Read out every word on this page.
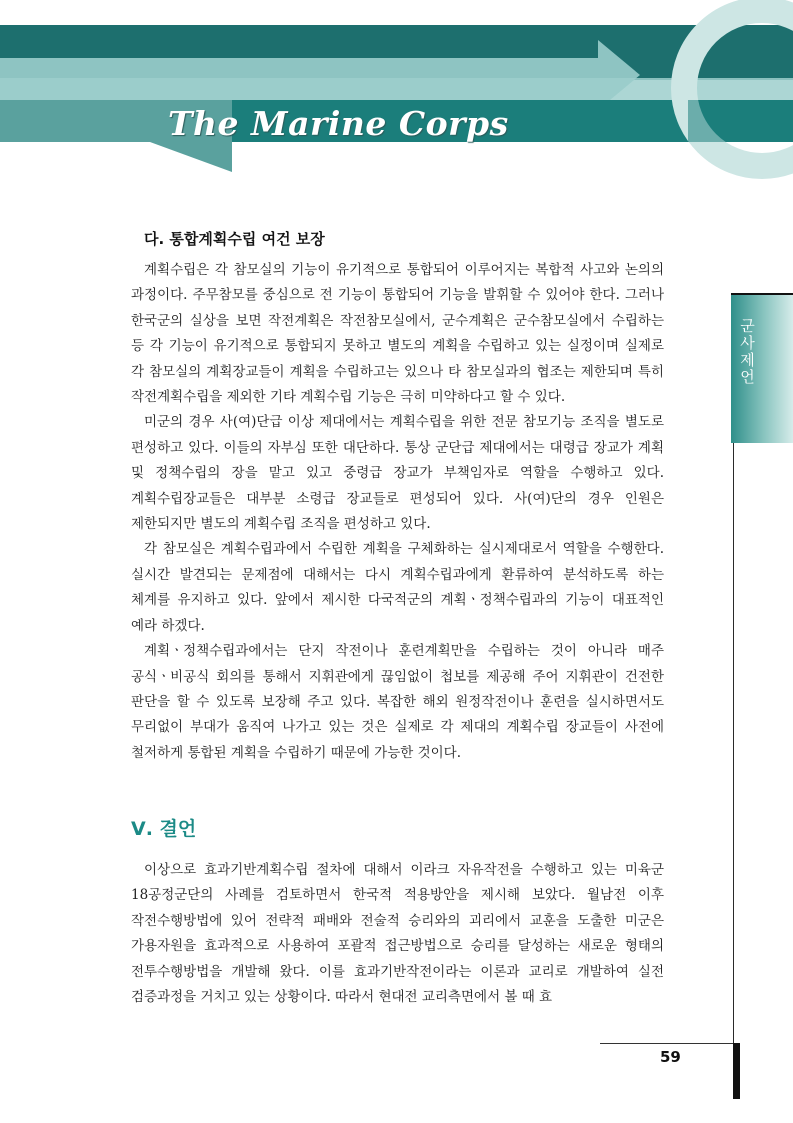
The Marine Corps

군사제언

다. 통합계획수립 여건 보장

계획수립은 각 참모실의 기능이 유기적으로 통합되어 이루어지는 복합적 사고와 논의의 과정이다. 주무참모를 중심으로 전 기능이 통합되어 기능을 발휘할 수 있어야 한다. 그러나 한국군의 실상을 보면 작전계획은 작전참모실에서, 군수계획은 군수참모실에서 수립하는 등 각 기능이 유기적으로 통합되지 못하고 별도의 계획을 수립하고 있는 실정이며 실제로 각 참모실의 계획장교들이 계획을 수립하고는 있으나 타 참모실과의 협조는 제한되며 특히 작전계획수립을 제외한 기타 계획수립 기능은 극히 미약하다고 할 수 있다.

미군의 경우 사(여)단급 이상 제대에서는 계획수립을 위한 전문 참모기능 조직을 별도로 편성하고 있다. 이들의 자부심 또한 대단하다. 통상 군단급 제대에서는 대령급 장교가 계획 및 정책수립의 장을 맡고 있고 중령급 장교가 부책임자로 역할을 수행하고 있다. 계획수립장교들은 대부분 소령급 장교들로 편성되어 있다. 사(여)단의 경우 인원은 제한되지만 별도의 계획수립 조직을 편성하고 있다.

각 참모실은 계획수립과에서 수립한 계획을 구체화하는 실시제대로서 역할을 수행한다. 실시간 발견되는 문제점에 대해서는 다시 계획수립과에게 환류하여 분석하도록 하는 체계를 유지하고 있다. 앞에서 제시한 다국적군의 계획ㆍ정책수립과의 기능이 대표적인 예라 하겠다.

계획ㆍ정책수립과에서는 단지 작전이나 훈련계획만을 수립하는 것이 아니라 매주 공식ㆍ비공식 회의를 통해서 지휘관에게 끊임없이 첩보를 제공해 주어 지휘관이 건전한 판단을 할 수 있도록 보장해 주고 있다. 복잡한 해외 원정작전이나 훈련을 실시하면서도 무리없이 부대가 움직여 나가고 있는 것은 실제로 각 제대의 계획수립 장교들이 사전에 철저하게 통합된 계획을 수립하기 때문에 가능한 것이다.

Ⅴ. 결언

이상으로 효과기반계획수립 절차에 대해서 이라크 자유작전을 수행하고 있는 미육군 18공정군단의 사례를 검토하면서 한국적 적용방안을 제시해 보았다. 월남전 이후 작전수행방법에 있어 전략적 패배와 전술적 승리와의 괴리에서 교훈을 도출한 미군은 가용자원을 효과적으로 사용하여 포괄적 접근방법으로 승리를 달성하는 새로운 형태의 전투수행방법을 개발해 왔다. 이를 효과기반작전이라는 이론과 교리로 개발하여 실전 검증과정을 거치고 있는 상황이다. 따라서 현대전 교리측면에서 볼 때 효

59
